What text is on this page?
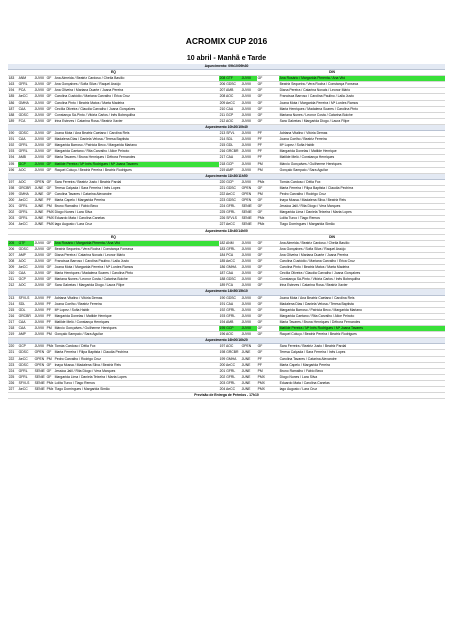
ACROMIX CUP 2016
10 abril - Manhã e Tarde
Aquecimento: 09h10/09h30									
EQ					DIN				
183	ANM	JUVIII	GF	Ana Almeida / Beatriz Cardoso / Cheila Basílio	208 GTF	JUVIII	GF		Ana Rosário / Margarida Pimenta / Ana Vitó
163	GFRL	JUVIII	GF	Ana Gonçalves / Sofia Silva / Raquel Araújo	206 GDSC	JUVIII	GF		Beatriz Sequeira / Vera Rocha / Constança Fonseca
194	PCA	JUVIII	GF	Ana Oliveira / Mariana Duarte / Joana Pereira	207 AMB	JUVIII	GF		Diana Pereira / Catarina Novais / Leonor Mário
185	AeCC	JUVIII	GF	Carolina Custódio / Mariana Carvalho / Érica Cruz	208 AOC	JUVIII	GF		Francisca Barroso / Carolina Paulino / Laila Justo
186	GMHA	JUVIII	GF	Carolina Pinto / Beatriz Matos / Marta Madeira	209 AeCC	JUVIII	GF		Joana Mota / Margarida Ferreira / Mª Lurdes Ramos
187	CAA	JUVIII	GF	Cecília Oliveira / Claudia Carvalho / Joana Gonçalves	210 CAA	JUVIII	GF		Maria Henriques / Madalena Soares / Carolina Pinto
188	GDSC	JUVIII	GF	Constança Sá-Pinto / Vitória Carlos / Inês Bobequilha	211 GCP	JUVIII	GF		Mariana Nunes / Leonor Costa / Catarina Boiche
189	FCA	JUVIII	GF	Irina Esteves / Catarina Rosa / Beatriz Xavier	212 AOC	JUVIII	GF		Sara Galveias / Margarida Diogo / Laura Filipe
Aquecimento 10h20/10h40									
190	GDSC	JUVIII	GF	Joana Mota / Ana Beatriz Caetano / Carolina Reis	213 SFVL	JUVIII	PF		Adriana Vitalino / Vitória Demas
191	CAA	JUVIII	GF	Madalena Dias / Daniela Velosa / Teresa Baptista	214 SDL	JUVIII	PF		Joana Coelho / Beatriz Ferreira
192	GFRL	JUVIII	GF	Margarida Barroso / Patrícia Beco / Margarida Mariano	215 GDL	JUVIII	PF		Mª Lopez / Sofia Habib
193	GFRL	JUVIII	GF	Margarida Caetano / Rita Carvalho / Alice Peixoto	216 GRCBR	JUVIII	PF		Margarida Donelas / Matilde Henrique
194	AMB	JUVIII	GF	Maria Tavares / Bruna Henriques / Débora Fernandes	217 CAA	JUVIII	PF		Matilde Meló / Constança Henriques
195	GCP	JUVIII	GF	Matilde Pereira / Mª Inês Rodrigues / Mª Joana Tavares	218 GCP	JUVIII	PM		Márcio Gonçalves / Guilherme Henriques
196	AOC	JUVIII	GF	Raquel Coluço / Beatriz Pereira / Beatriz Rodrigues	219 AMP	JUVIII	PM		Gonçalo Sampaio / Sara Aguilar
Aquecimento 11h30/11h50									
197	AOC	OPEN	GF	Sara Ferreira / Beatriz Justo / Beatriz Pardal	220 GCP	JUVIII	PMx		Tomás Cardoso / Délia Fox
198	GRCBR	JUNE	GF	Teresa Calçada / Sara Ferreira / Inês Lopes	221 GDSC	OPEN	GF		Marta Ferreira / Filipa Baptista / Claudia Pechirra
199	GMHA	JUNE	GF	Carolina Tavares / Catarina Alexandre	222 AeCC	OPEN	PM		Pedro Carvalho / Rodrigo Cruz
200	AeCC	JUNE	PF	Marta Capelo / Margarida Pereira	223 GDSC	OPEN	GF		Inaya Mussa / Madalena Silva / Beatriz Reis
201	GFRL	JUNE	PM	Bruno Ramalho / Fábio Beco	224 GFRL	SENIE	GF		Jessica Jalil / Rita Diogo / Vera Marques
202	GFRL	JUNE	PMX	Diogo Nunes / Lara Silva	225 GFRL	SENIE	GF		Margarida Lima / Daniela Teixeira / Marta Lopes
203	GFRL	JUNE	PMX	Eduardo Mata / Carolina Canelas	226 SFVLS	SENIE	PMx		Lolita Turco / Tiago Remos
204	AeCC	JUNE	PMX	Iago Augusto / Lara Cruz	227 AeCC	SENIE	PMx		Tiago Domingues / Margarida Simão
Aquecimento 13h40/14h00									
EQ					DIN				
205	GTF	JUVIII	GF	Ana Rosário / Margarida Pimenta / Ana Vitó	182 ANM	JUVIII	GF		Ana Almeida / Beatriz Cardoso / Cheila Basílio
206	GDSC	JUVIII	GF	Beatriz Sequeira / Vera Rocha / Constança Fonseca	183 GFRL	JUVIII	GF		Ana Gonçalves / Sofia Silva / Raquel Araújo
207	AMP	JUVIII	GF	Diana Pereira / Catarina Novais / Leonor Mário	184 PCA	JUVIII	GF		Ana Oliveira / Mariana Duarte / Joana Pereira
208	AOC	JUVIII	GF	Francisca Barroso / Carolina Paulino / Laila Justo	185 AeCC	JUVIII	GF		Carolina Custódio / Mariana Carvalho / Érica Cruz
209	AeCC	JUVIII	GF	Joana Mota / Margarida Ferreira / Mª Lurdes Ramos	186 GMHA	JUVIII	GF		Carolina Pinto / Beatriz Matos / Marta Madeira
210	CAA	JUVIII	GF	Maria Henriques / Madalena Soares / Carolina Pinto	187 CAA	JUVIII	GF		Cecília Oliveira / Claudia Carvalho / Joana Gonçalves
211	GCP	JUVIII	GF	Mariana Nunes / Leonor Costa / Catarina Boiche	188 GDSC	JUVIII	GF		Constança Sá-Pinto / Vitória Carlos / Inês Bobequilha
212	AOC	JUVIII	GF	Sara Galveias / Margarida Diogo / Laura Filipe	189 FCA	JUVIII	GF		Irina Esteves / Catarina Rosa / Beatriz Xavier
Aquecimento 14h50/15h10									
213	SFVLS	JUVIII	PF	Adriana Vitalino / Vitória Demas	190 GDSC	JUVIII	GF		Joana Mota / Ana Beatriz Caetano / Carolina Reis
214	SDL	JUVIII	PF	Joana Coelho / Beatriz Ferreira	191 CAA	JUVIII	GF		Madalena Dias / Daniela Velosa / Teresa Baptista
215	GDL	JUVIII	PF	Mª Lopez / Sofia Habib	192 GFRL	JUVIII	GF		Margarida Barroso / Patrícia Beco / Margarida Mariano
216	GRCBR	JUVIII	PF	Margarida Donelas / Matilde Henrique	193 GFRL	JUVIII	GF		Margarida Caetano / Rita Carvalho / Alice Peixoto
217	CAA	JUVIII	PF	Matilde Meló / Constança Henriques	194 AMB	JUVIII	GF		Maria Tavares / Bruna Henriques / Débora Fernandes
218	CAA	JUVIII	PM	Márcio Gonçalves / Guilherme Henriques	195 GCP	JUVIII	GF		Matilde Pereira / Mª Inês Rodrigues / Mª Joana Tavares
219	AMP	JUVIII	PM	Gonçalo Sampaio / Sara Aguilar	196 AOC	JUVIII	GF		Raquel Coluço / Beatriz Pereira / Beatriz Rodrigues
Aquecimento 16h00/16h20									
220	GCP	JUVIII	PMx	Tomás Cardoso / Délia Fox	197 AOC	OPEN	GF		Sara Ferreira / Beatriz Justo / Beatriz Pardal
221	GDSC	OPEN	GF	Marta Ferreira / Filipa Baptista / Claudia Pechirra	198 GRCBR	JUNE	GF		Teresa Calçada / Sara Ferreira / Inês Lopes
222	AeCC	OPEN	PM	Pedro Carvalho / Rodrigo Cruz	199 GMHA	JUNE	PF		Carolina Tavares / Catarina Alexandre
223	GDSC	OPEN	GF	Inaya Mussa / Madalena Silva / Beatriz Reis	200 AeCC	JUNE	PF		Marta Capelo / Margarida Pereira
224	GFRL	SENIE	GF	Jessica Jalil / Rita Diogo / Vera Marques	201 GFRL	JUNE	PM		Bruno Ramalho / Fábio Beco
225	GFRL	SENIE	GF	Margarida Lima / Daniela Teixeira / Marta Lopes	202 GFRL	JUNE	PMX		Diogo Nunes / Lara Silva
226	SFVLS	SENIE	PMx	Lolita Turco / Tiago Remos	203 GFRL	JUNE	PMX		Eduardo Mata / Carolina Canelas
227	AeCC	SENIE	PMx	Tiago Domingues / Margarida Simão	204 AeCC	JUNE	PMX		Iago Augusto / Lara Cruz
Previsão de Entrega de Prémios - 17h10									
